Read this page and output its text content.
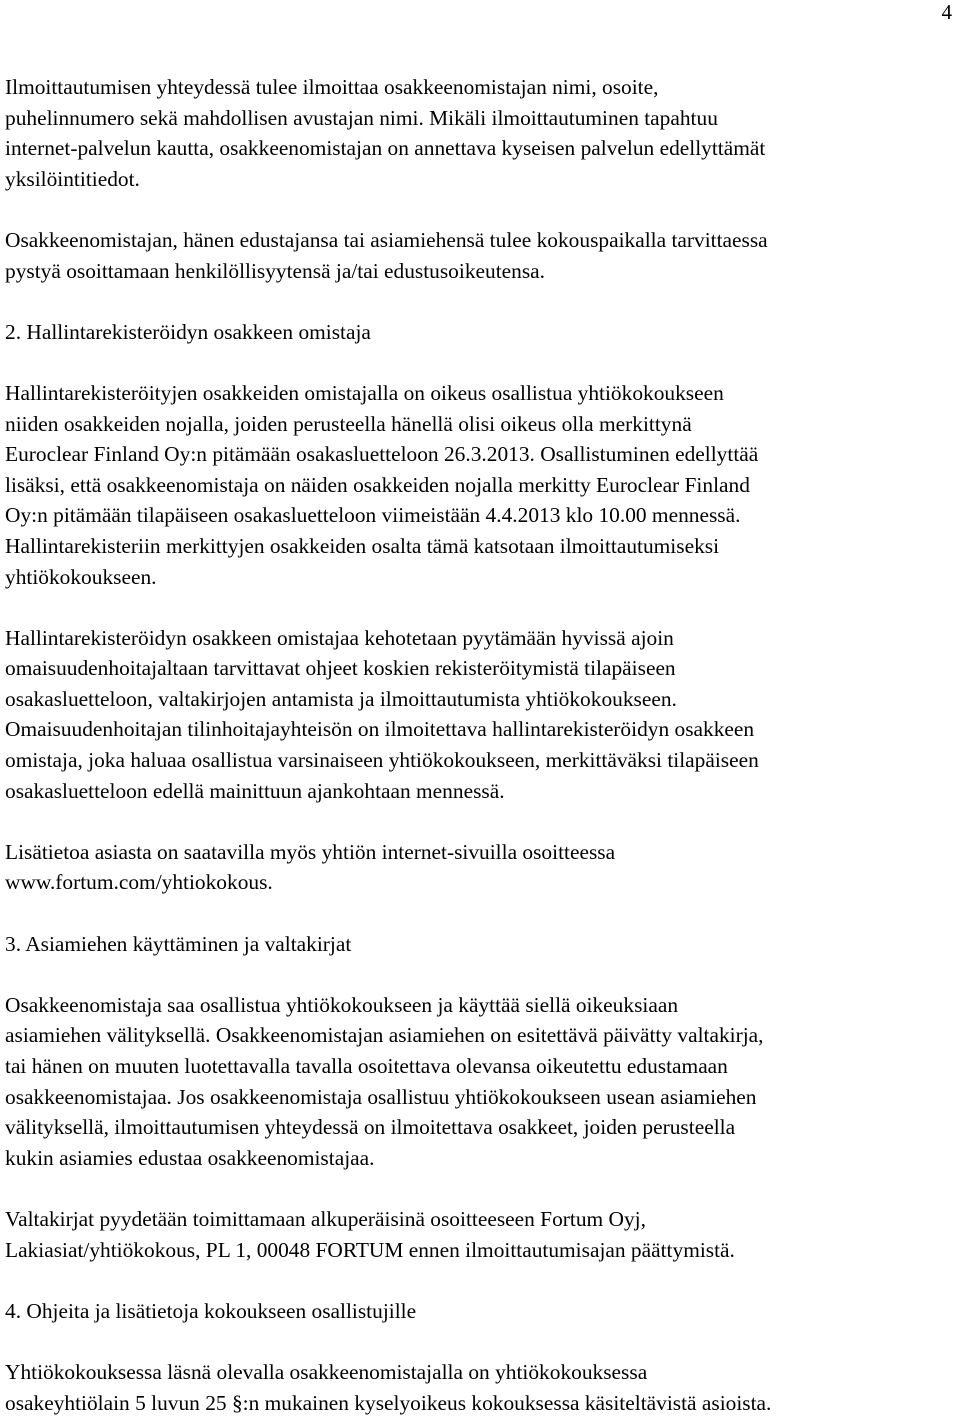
4

Ilmoittautumisen yhteydessä tulee ilmoittaa osakkeenomistajan nimi, osoite,
puhelinnumero sekä mahdollisen avustajan nimi. Mikäli ilmoittautuminen tapahtuu
internet-palvelun kautta, osakkeenomistajan on annettava kyseisen palvelun edellyttämät
yksilöintitiedot.

Osakkeenomistajan, hänen edustajansa tai asiamiehensä tulee kokouspaikalla tarvittaessa
pystyä osoittamaan henkilöllisyytensä ja/tai edustusoikeutensa.

2. Hallintarekisteröidyn osakkeen omistaja

Hallintarekisteröityjen osakkeiden omistajalla on oikeus osallistua yhtiökokoukseen
niiden osakkeiden nojalla, joiden perusteella hänellä olisi oikeus olla merkittynä
Euroclear Finland Oy:n pitämään osakasluetteloon 26.3.2013. Osallistuminen edellyttää
lisäksi, että osakkeenomistaja on näiden osakkeiden nojalla merkitty Euroclear Finland
Oy:n pitämään tilapäiseen osakasluetteloon viimeistään 4.4.2013 klo 10.00 mennessä.
Hallintarekisteriin merkittyjen osakkeiden osalta tämä katsotaan ilmoittautumiseksi
yhtiökokoukseen.

Hallintarekisteröidyn osakkeen omistajaa kehotetaan pyytämään hyvissä ajoin
omaisuudenhoitajaltaan tarvittavat ohjeet koskien rekisteröitymistä tilapäiseen
osakasluetteloon, valtakirjojen antamista ja ilmoittautumista yhtiökokoukseen.
Omaisuudenhoitajan tilinhoitajayhteisön on ilmoitettava hallintarekisteröidyn osakkeen
omistaja, joka haluaa osallistua varsinaiseen yhtiökokoukseen, merkittäväksi tilapäiseen
osakasluetteloon edellä mainittuun ajankohtaan mennessä.

Lisätietoa asiasta on saatavilla myös yhtiön internet-sivuilla osoitteessa
www.fortum.com/yhtiokokous.

3. Asiamiehen käyttäminen ja valtakirjat

Osakkeenomistaja saa osallistua yhtiökokoukseen ja käyttää siellä oikeuksiaan
asiamiehen välityksellä. Osakkeenomistajan asiamiehen on esitettävä päivätty valtakirja,
tai hänen on muuten luotettavalla tavalla osoitettava olevansa oikeutettu edustamaan
osakkeenomistajaa. Jos osakkeenomistaja osallistuu yhtiökokoukseen usean asiamiehen
välityksellä, ilmoittautumisen yhteydessä on ilmoitettava osakkeet, joiden perusteella
kukin asiamies edustaa osakkeenomistajaa.

Valtakirjat pyydetään toimittamaan alkuperäisinä osoitteeseen Fortum Oyj,
Lakiasiat/yhtiökokous, PL 1, 00048 FORTUM ennen ilmoittautumisajan päättymistä.

4. Ohjeita ja lisätietoja kokoukseen osallistujille

Yhtiökokouksessa läsnä olevalla osakkeenomistajalla on yhtiökokouksessa
osakeyhtiölain 5 luvun 25 §:n mukainen kyselyoikeus kokouksessa käsiteltävistä asioista.
